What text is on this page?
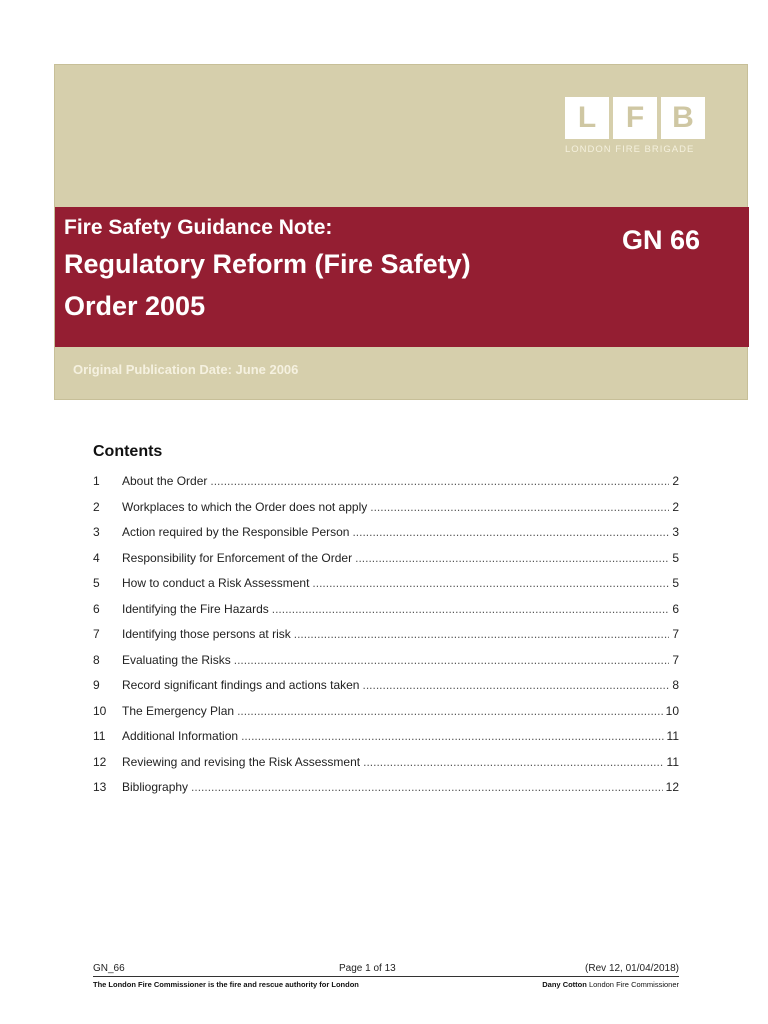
L F B
LONDON FIRE BRIGADE
Fire Safety Guidance Note:
Regulatory Reform (Fire Safety) Order 2005
GN 66
Original Publication Date: June 2006
Contents
1	About the Order .....	2
2	Workplaces to which the Order does not apply .....	2
3	Action required by the Responsible Person .....	3
4	Responsibility for Enforcement of the Order .....	5
5	How to conduct a Risk Assessment .....	5
6	Identifying the Fire Hazards .....	6
7	Identifying those persons at risk .....	7
8	Evaluating the Risks .....	7
9	Record significant findings and actions taken .....	8
10	The Emergency Plan .....	10
11	Additional Information .....	11
12	Reviewing and revising the Risk Assessment .....	11
13	Bibliography .....	12
GN_66	Page 1 of 13	(Rev 12, 01/04/2018)
The London Fire Commissioner is the fire and rescue authority for London	Dany Cotton London Fire Commissioner
